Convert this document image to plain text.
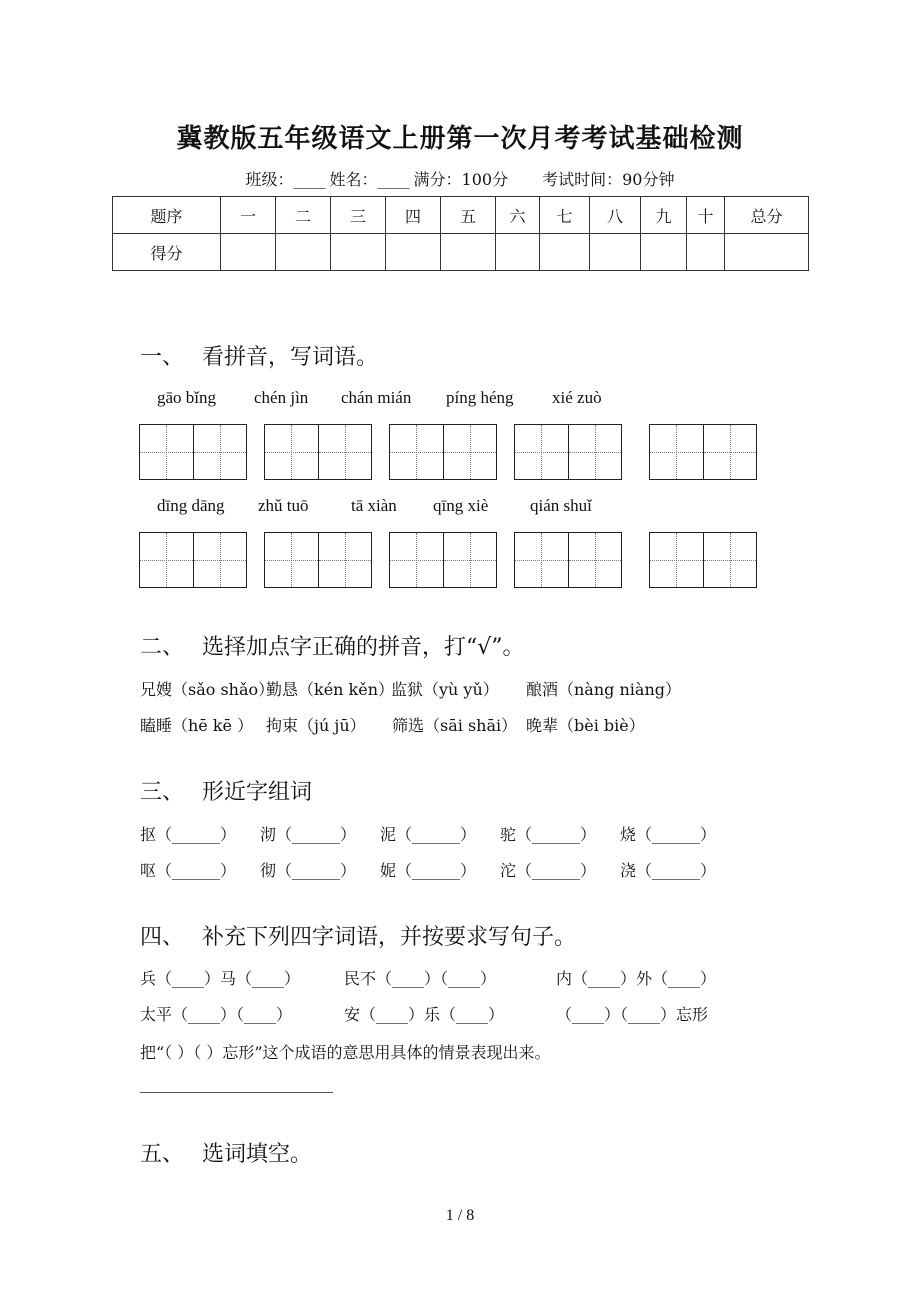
冀教版五年级语文上册第一次月考考试基础检测
班级：____ 姓名：____ 满分：100分 考试时间：90分钟
题序	一	二	三	四	五	六	七	八	九	十	总分
得分											
一、 看拼音，写词语。
gāo bǐng chén jìn chán mián píng héng xié zuò
dīng dāng zhǔ tuō tā xiàn qīng xiè qián shuǐ
二、 选择加点字正确的拼音，打“√”。
兄嫂（sǎo shǎo）勤恳（kén kěn）监狱（yù yǔ） 酿酒（nàng niàng）
瞌睡（hē kē ） 拘束（jú jū） 筛选（sāi shāi） 晚辈（bèi biè）
三、 形近字组词
抠（______） 沏（______） 泥（______） 驼（______） 烧（______）
呕（______） 彻（______） 妮（______） 沱（______） 浇（______）
四、 补充下列四字词语，并按要求写句子。
兵（____）马（____）	民不（____）（____）	内（____）外（____）
太平（____）（____）	安（____）乐（____）	（____）（____）忘形
把“（ ）（ ）忘形”这个成语的意思用具体的情景表现出来。
五、 选词填空。
1 / 8
